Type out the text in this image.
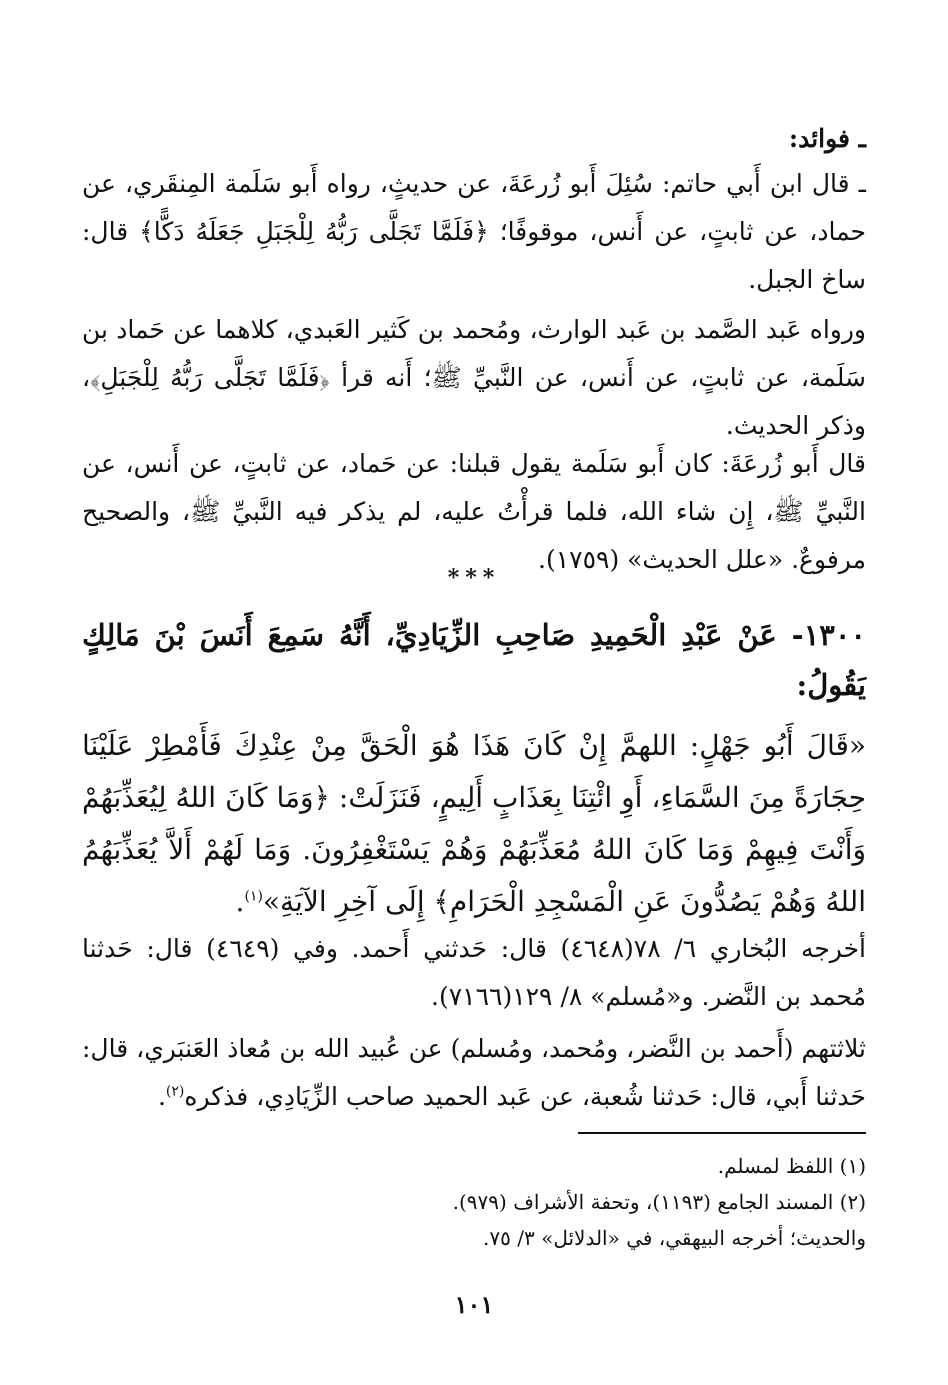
ـ فوائد:
ـ قال ابن أَبي حاتم: سُئِلَ أَبو زُرعَةَ، عن حديثٍ، رواه أَبو سَلَمة المِنقَري، عن حماد، عن ثابتٍ، عن أَنس، موقوفًا؛ ﴿فَلَمَّا تَجَلَّى رَبُّهُ لِلْجَبَلِ جَعَلَهُ دَكًّا﴾ قال: ساخ الجبل.
ورواه عَبد الصَّمد بن عَبد الوارث، ومُحمد بن كَثير العَبدي، كلاهما عن حَماد بن سَلَمة، عن ثابتٍ، عن أَنس، عن النَّبيِّ ﷺ؛ أَنه قرأ ﴿فَلَمَّا تَجَلَّى رَبُّهُ لِلْجَبَلِ﴾، وذكر الحديث.
قال أَبو زُرعَةَ: كان أَبو سَلَمة يقول قبلنا: عن حَماد، عن ثابتٍ، عن أَنس، عن النَّبيِّ ﷺ، إِن شاء الله، فلما قرأْتُ عليه، لم يذكر فيه النَّبيِّ ﷺ، والصحيح مرفوعٌ. «علل الحديث» (١٧٥٩).
***
١٣٠٠- عَنْ عَبْدِ الْحَمِيدِ صَاحِبِ الزِّيَادِيِّ، أَنَّهُ سَمِعَ أَنَسَ بْنَ مَالِكٍ يَقُولُ:
«قَالَ أَبُو جَهْلٍ: اللهمَّ إِنْ كَانَ هَذَا هُوَ الْحَقَّ مِنْ عِنْدِكَ فَأَمْطِرْ عَلَيْنَا حِجَارَةً مِنَ السَّمَاءِ، أَوِ ائْتِنَا بِعَذَابٍ أَلِيمٍ، فَنَزَلَتْ: ﴿وَمَا كَانَ اللهُ لِيُعَذِّبَهُمْ وَأَنْتَ فِيهِمْ وَمَا كَانَ اللهُ مُعَذِّبَهُمْ وَهُمْ يَسْتَغْفِرُونَ. وَمَا لَهُمْ أَلاَّ يُعَذِّبَهُمُ اللهُ وَهُمْ يَصُدُّونَ عَنِ الْمَسْجِدِ الْحَرَامِ﴾ إِلَى آخِرِ الآيَةِ»$^{(١)}$.
أخرجه البُخاري ٦/ ٧٨(٤٦٤٨) قال: حَدثني أَحمد. وفي (٤٦٤٩) قال: حَدثنا مُحمد بن النَّضر. و«مُسلم» ٨/ ١٢٩(٧١٦٦).
ثلاثتهم (أَحمد بن النَّضر، ومُحمد، ومُسلم) عن عُبيد الله بن مُعاذ العَنبَري، قال: حَدثنا أَبي، قال: حَدثنا شُعبة، عن عَبد الحميد صاحب الزِّيَادِي، فذكره$^{(٢)}$.
(١) اللفظ لمسلم.
(٢) المسند الجامع (١١٩٣)، وتحفة الأشراف (٩٧٩).
والحديث؛ أخرجه البيهقي، في «الدلائل» ٣/ ٧٥.
١٠١
